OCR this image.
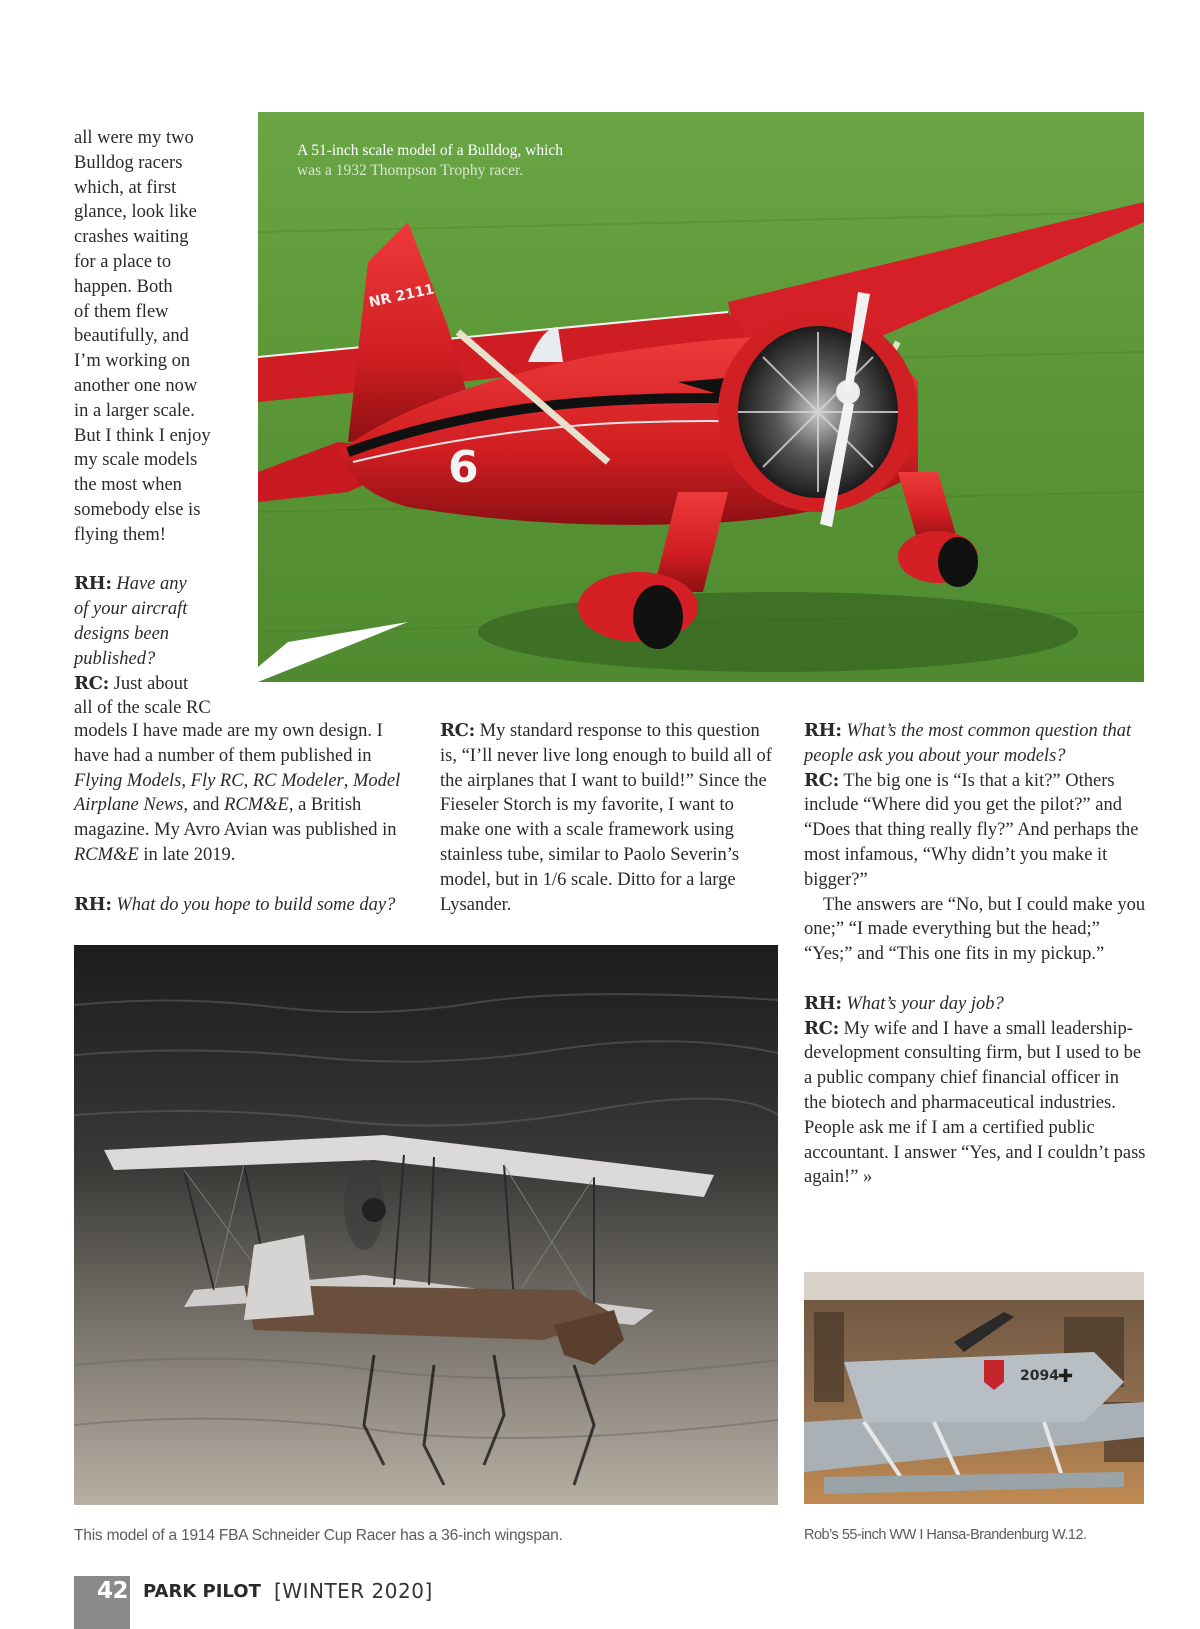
all were my two
Bulldog racers
which, at first
glance, look like
crashes waiting
for a place to
happen. Both
of them flew
beautifully, and
I’m working on
another one now
in a larger scale.
But I think I enjoy
my scale models
the most when
somebody else is
flying them!

RH: Have any
of your aircraft
designs been
published?

RC: Just about
all of the scale RC

models I have made are my own design. I have had a number of them published in Flying Models, Fly RC, RC Modeler, Model Airplane News, and RCM&E, a British magazine. My Avro Avian was published in RCM&E in late 2019.

RH: What do you hope to build some day?

RC: My standard response to this question is, “I’ll never live long enough to build all of the airplanes that I want to build!” Since the Fieseler Storch is my favorite, I want to make one with a scale framework using stainless tube, similar to Paolo Severin’s model, but in 1/6 scale. Ditto for a large Lysander.

RH: What’s the most common question that people ask you about your models?

RC: The big one is “Is that a kit?” Others include “Where did you get the pilot?” and “Does that thing really fly?” And perhaps the most infamous, “Why didn’t you make it bigger?”

The answers are “No, but I could make you one;” “I made everything but the head;” “Yes;” and “This one fits in my pickup.”

RH: What’s your day job?

RC: My wife and I have a small leadership-development consulting firm, but I used to be a public company chief financial officer in the biotech and pharmaceutical industries. People ask me if I am a certified public accountant. I answer “Yes, and I couldn’t pass again!” »

NR 2111
6
A 51-inch scale model of a Bulldog, which
was a 1932 Thompson Trophy racer.
2094 ✚
This model of a 1914 FBA Schneider Cup Racer has a 36-inch wingspan.	Rob’s 55-inch WW I Hansa-Brandenburg W.12.
42 PARK PILOT [WINTER 2020]
